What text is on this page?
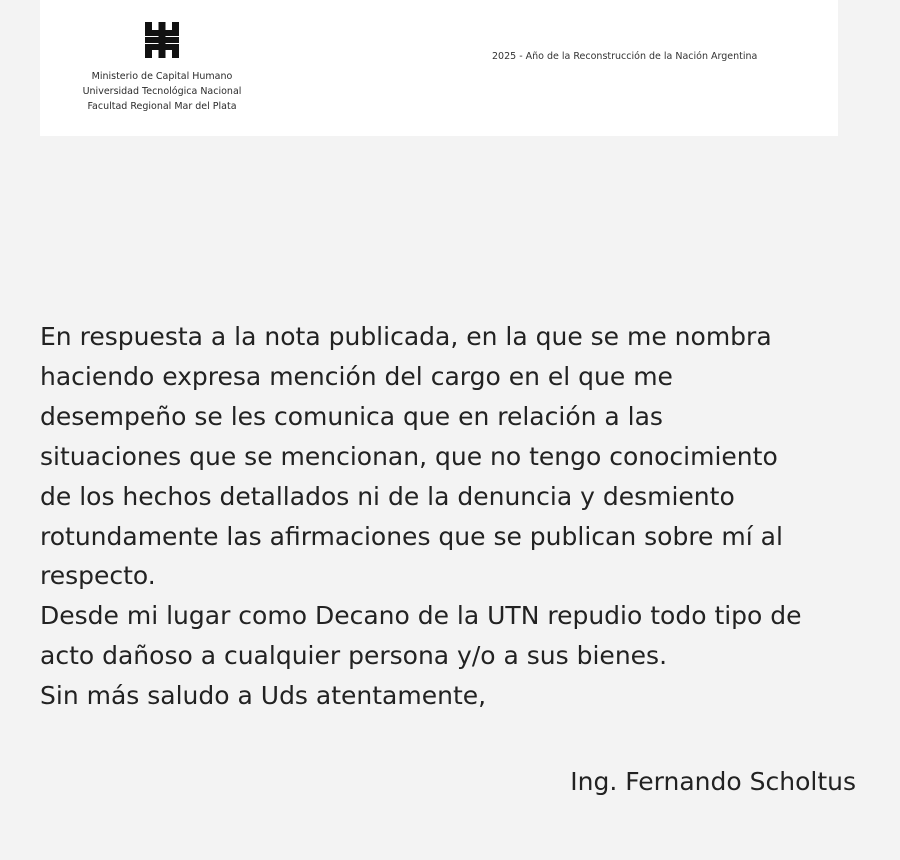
Ministerio de Capital Humano
Universidad Tecnológica Nacional
Facultad Regional Mar del Plata
2025 - Año de la Reconstrucción de la Nación Argentina
En respuesta a la nota publicada, en la que se me nombra
haciendo expresa mención del cargo en el que me
desempeño se les comunica que en relación a las
situaciones que se mencionan, que no tengo conocimiento
de los hechos detallados ni de la denuncia y desmiento
rotundamente las afirmaciones que se publican sobre mí al
respecto.
Desde mi lugar como Decano de la UTN repudio todo tipo de
acto dañoso a cualquier persona y/o a sus bienes.
Sin más saludo a Uds atentamente,
Ing. Fernando Scholtus
